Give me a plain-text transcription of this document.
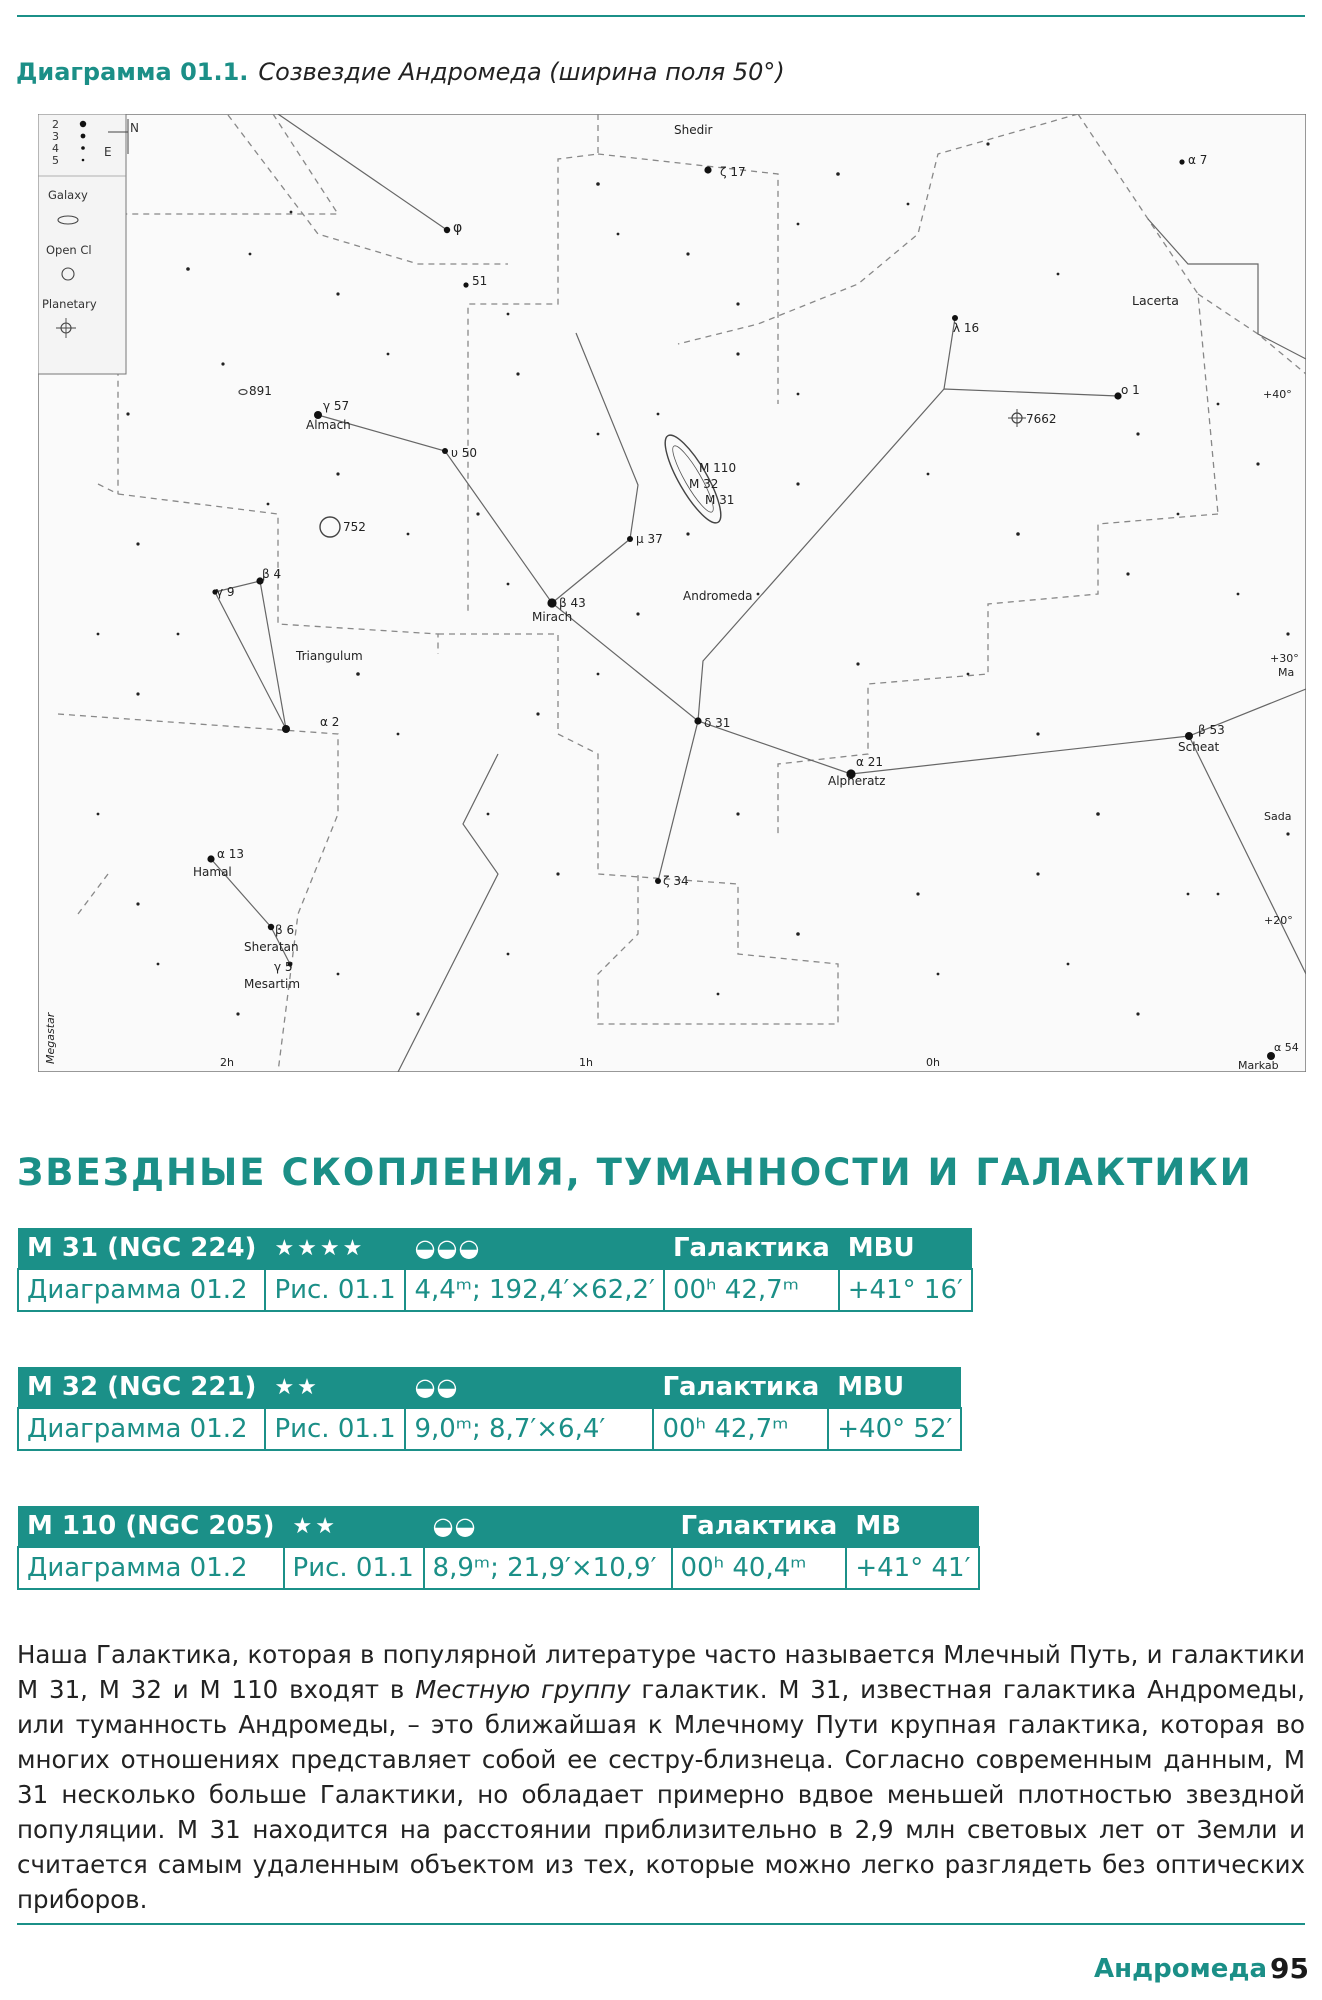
Диаграмма 01.1. Созвездие Андромеда (ширина поля 50°)
2
3
4
5
N
E
Galaxy
Open Cl
Planetary
Shedir
ζ 17
α 7
φ
51
Lacerta
λ 16
891
γ 57
Almach
υ 50
ο 1	+40°
7662
M 110
M 32
M 31
752
μ 37
Andromeda
γ 9
β 4
β 43
Mirach
Triangulum	+30°
Ma
α 2	δ 31	β 53
Scheat
α 21
Alpheratz
Sada
α 13
Hamal
ζ 34
+20°
β 6
Sheratan
γ 5
Mesartim
α 54
Markab
2h	1h	0h
Megastar
ЗВЕЗДНЫЕ СКОПЛЕНИЯ, ТУМАННОСТИ И ГАЛАКТИКИ
M 31 (NGC 224)	★★★★	◒◒◒	Галактика	MBU
Диаграмма 01.2	Рис. 01.1	4,4ᵐ; 192,4′×62,2′	00ʰ 42,7ᵐ	+41° 16′
M 32 (NGC 221)	★★	◒◒	Галактика	MBU
Диаграмма 01.2	Рис. 01.1	9,0ᵐ; 8,7′×6,4′	00ʰ 42,7ᵐ	+40° 52′
M 110 (NGC 205)	★★	◒◒	Галактика	MB
Диаграмма 01.2	Рис. 01.1	8,9ᵐ; 21,9′×10,9′	00ʰ 40,4ᵐ	+41° 41′

Наша Галактика, которая в популярной литературе часто называется Млечный Путь, и галактики M 31, M 32 и M 110 входят в Местную группу галактик. M 31, известная галактика Андромеды, или туманность Андромеды, – это ближайшая к Млечному Пути крупная галактика, которая во многих отношениях представляет собой ее сестру-близнеца. Согласно современным данным, M 31 несколько больше Галактики, но обладает примерно вдвое меньшей плотностью звездной популяции. M 31 находится на расстоянии приблизительно в 2,9 млн световых лет от Земли и считается самым удаленным объектом из тех, которые можно легко разглядеть без оптических приборов.

Андромеда 95
